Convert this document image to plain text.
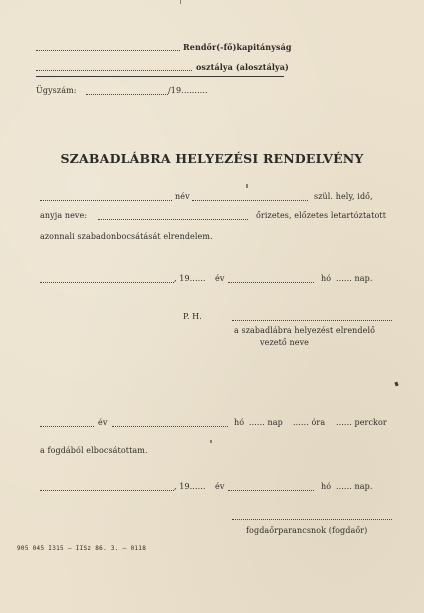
Rendőr(-fő)kapitányság
osztálya (alosztálya)
Ügyszám:	/19..........
SZABADLÁBRA HELYEZÉSI RENDELVÉNY
név	szül. hely, idő,
anyja neve:	őrizetes, előzetes letartóztatott
azonnali szabadonbocsátását elrendelem.
, 19...... év	hó ...... nap.
P. H.
a szabadlábra helyezést elrendelő
vezető neve
év	hó ...... nap ...... óra ...... perckor
a fogdából elbocsátottam.
, 19...... év	hó ...... nap.
fogdaőrparancsnok (fogdaőr)
905 045 I315 — IISz 86. 3. — 0118
